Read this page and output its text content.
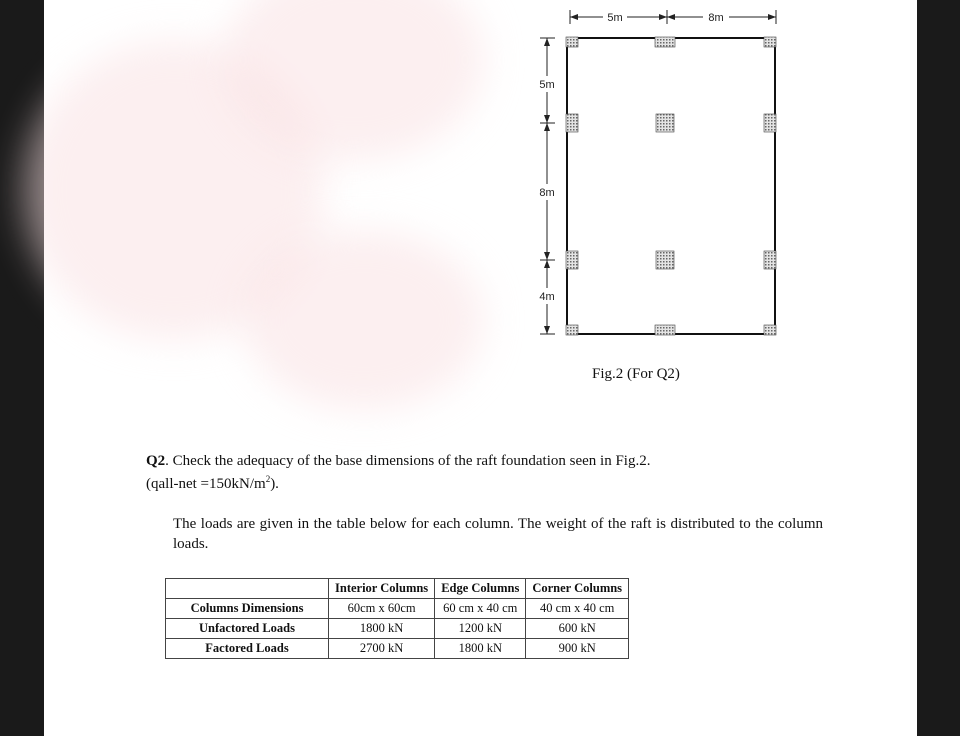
5m	8m
5m
8m
4m
Fig.2 (For Q2)
Q2. Check the adequacy of the base dimensions of the raft foundation seen in Fig.2.
(qall-net $=150kN/m^2$).
The loads are given in the table below for each column. The weight of the raft is distributed to the column loads.
	Interior Columns	Edge Columns	Corner Columns
Columns Dimensions	60cm x 60cm	60 cm x 40 cm	40 cm x 40 cm
Unfactored Loads	1800 kN	1200 kN	600 kN
Factored Loads	2700 kN	1800 kN	900 kN
